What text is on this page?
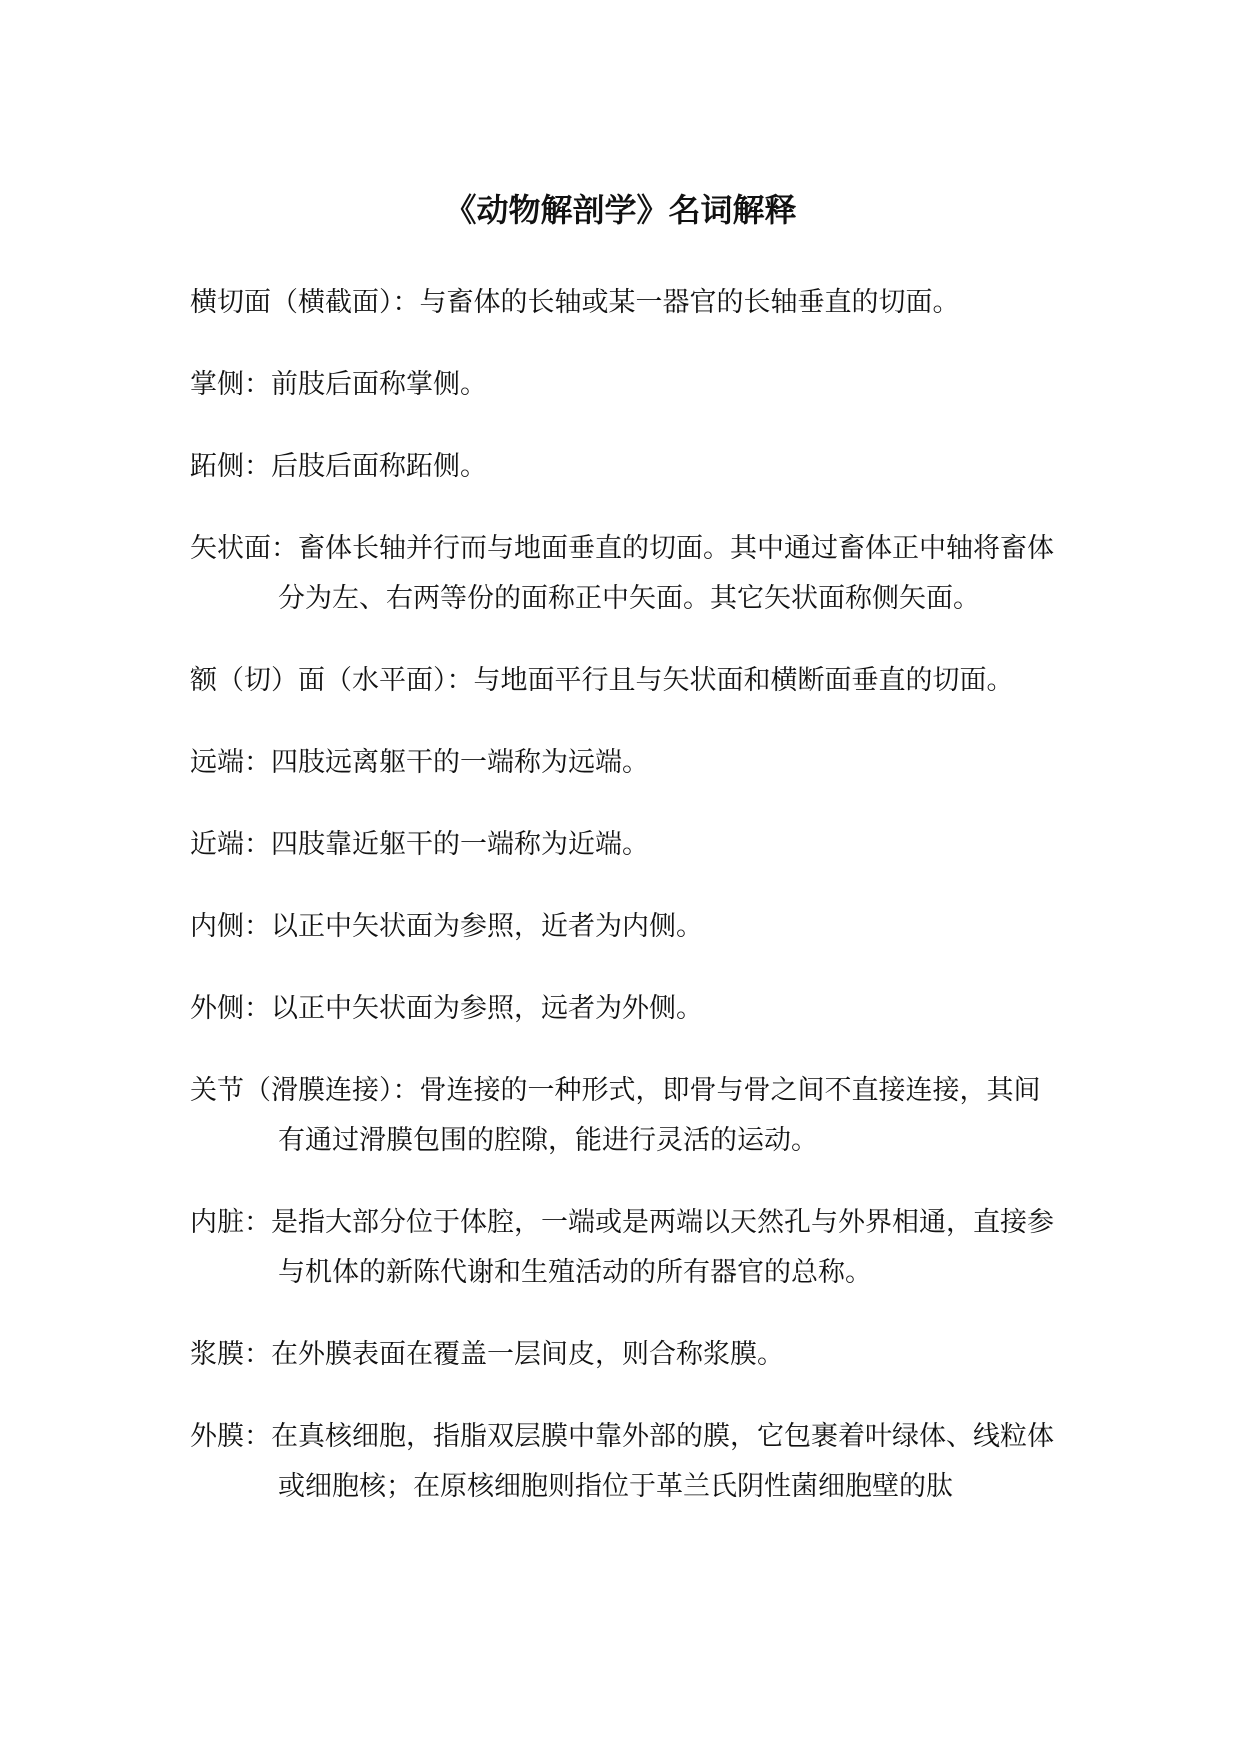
《动物解剖学》名词解释
横切面（横截面）：与畜体的长轴或某一器官的长轴垂直的切面。
掌侧：前肢后面称掌侧。
跖侧：后肢后面称跖侧。
矢状面：畜体长轴并行而与地面垂直的切面。其中通过畜体正中轴将畜体分为左、右两等份的面称正中矢面。其它矢状面称侧矢面。
额（切）面（水平面）：与地面平行且与矢状面和横断面垂直的切面。
远端：四肢远离躯干的一端称为远端。
近端：四肢靠近躯干的一端称为近端。
内侧：以正中矢状面为参照，近者为内侧。
外侧：以正中矢状面为参照，远者为外侧。
关节（滑膜连接）：骨连接的一种形式，即骨与骨之间不直接连接，其间有通过滑膜包围的腔隙，能进行灵活的运动。
内脏：是指大部分位于体腔，一端或是两端以天然孔与外界相通，直接参与机体的新陈代谢和生殖活动的所有器官的总称。
浆膜：在外膜表面在覆盖一层间皮，则合称浆膜。
外膜：在真核细胞，指脂双层膜中靠外部的膜，它包裹着叶绿体、线粒体或细胞核；在原核细胞则指位于革兰氏阴性菌细胞壁的肽
